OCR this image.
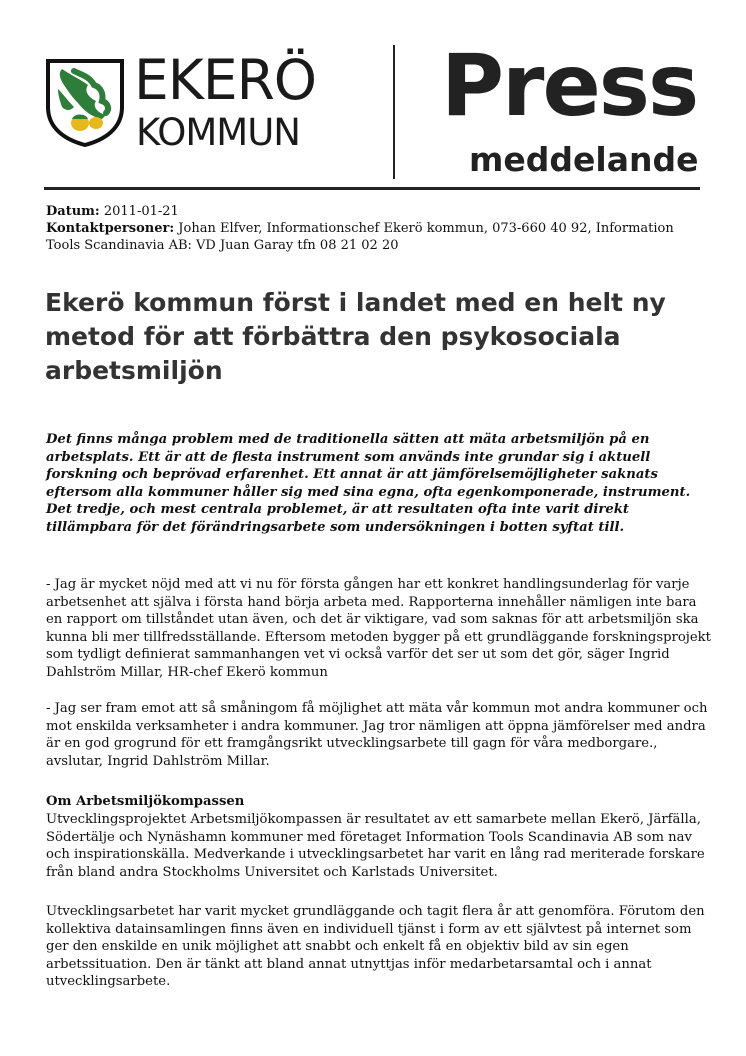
EKERÖ
KOMMUN Press
meddelande
Datum: 2011-01-21
Kontaktpersoner: Johan Elfver, Informationschef Ekerö kommun, 073-660 40 92, Information Tools Scandinavia AB: VD Juan Garay tfn 08 21 02 20
Ekerö kommun först i landet med en helt ny metod för att förbättra den psykosociala arbetsmiljön
Det finns många problem med de traditionella sätten att mäta arbetsmiljön på en arbetsplats. Ett är att de flesta instrument som används inte grundar sig i aktuell forskning och beprövad erfarenhet. Ett annat är att jämförelsemöjligheter saknats eftersom alla kommuner håller sig med sina egna, ofta egenkomponerade, instrument. Det tredje, och mest centrala problemet, är att resultaten ofta inte varit direkt tillämpbara för det förändringsarbete som undersökningen i botten syftat till.
- Jag är mycket nöjd med att vi nu för första gången har ett konkret handlingsunderlag för varje arbetsenhet att själva i första hand börja arbeta med. Rapporterna innehåller nämligen inte bara en rapport om tillståndet utan även, och det är viktigare, vad som saknas för att arbetsmiljön ska kunna bli mer tillfredsställande. Eftersom metoden bygger på ett grundläggande forskningsprojekt som tydligt definierat sammanhangen vet vi också varför det ser ut som det gör, säger Ingrid Dahlström Millar, HR-chef Ekerö kommun
- Jag ser fram emot att så småningom få möjlighet att mäta vår kommun mot andra kommuner och mot enskilda verksamheter i andra kommuner. Jag tror nämligen att öppna jämförelser med andra är en god grogrund för ett framgångsrikt utvecklingsarbete till gagn för våra medborgare., avslutar, Ingrid Dahlström Millar.
Om Arbetsmiljökompassen
Utvecklingsprojektet Arbetsmiljökompassen är resultatet av ett samarbete mellan Ekerö, Järfälla, Södertälje och Nynäshamn kommuner med företaget Information Tools Scandinavia AB som nav och inspirationskälla. Medverkande i utvecklingsarbetet har varit en lång rad meriterade forskare från bland andra Stockholms Universitet och Karlstads Universitet.
Utvecklingsarbetet har varit mycket grundläggande och tagit flera år att genomföra. Förutom den kollektiva datainsamlingen finns även en individuell tjänst i form av ett självtest på internet som ger den enskilde en unik möjlighet att snabbt och enkelt få en objektiv bild av sin egen arbetssituation. Den är tänkt att bland annat utnyttjas inför medarbetarsamtal och i annat utvecklingsarbete.
